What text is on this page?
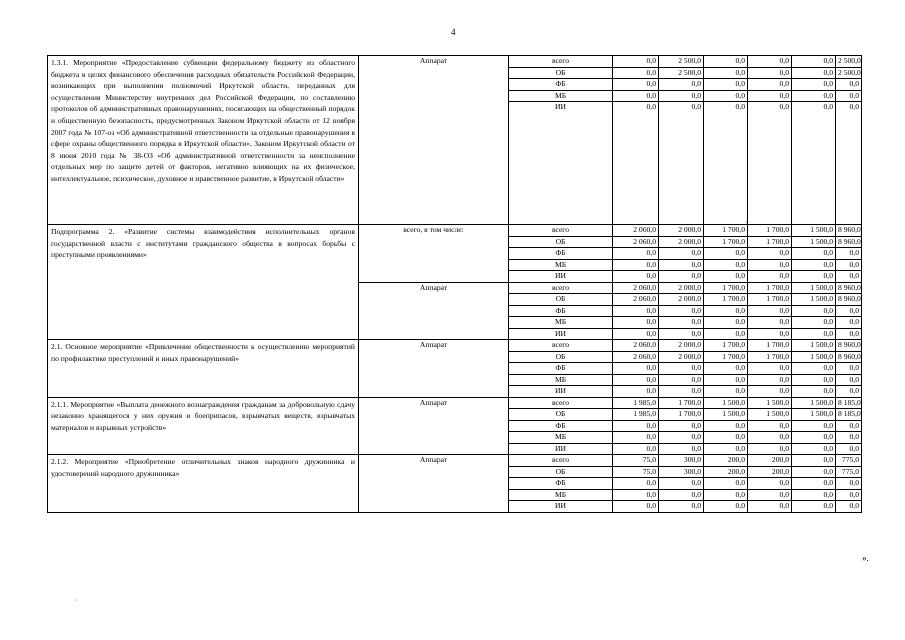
4
1.3.1. Мероприятие «Предоставление субвенции федеральному бюджету из областного бюджета в целях финансового обеспечения расходных обязательств Российской Федерации, возникающих при выполнении полномочий Иркутской области, переданных для осуществления Министерству внутренних дел Российской Федерации, по составлению протоколов об административных правонарушениях, посягающих на общественный порядок и общественную безопасность, предусмотренных Законом Иркутской области от 12 ноября 2007 года № 107-оз «Об административной ответственности за отдельные правонарушения в сфере охраны общественного порядка в Иркутской области», Законом Иркутской области от 8 июня 2010 года № 38-ОЗ «Об административной ответственности за неисполнение отдельных мер по защите детей от факторов, негативно влияющих на их физическое, интеллектуальное, психическое, духовное и нравственное развитие, в Иркутской области»	Аппарат	всего	0,0	2 500,0	0,0	0,0	0,0	2 500,0	
		ОБ	0,0	2 500,0	0,0	0,0	0,0	2 500,0	
		ФБ	0,0	0,0	0,0	0,0	0,0	0,0	
		МБ	0,0	0,0	0,0	0,0	0,0	0,0	
		ИИ	0,0	0,0	0,0	0,0	0,0	0,0	
Подпрограмма 2. «Развитие системы взаимодействия исполнительных органов государственной власти с институтами гражданского общества в вопросах борьбы с преступными проявлениями»	всего, в том числе:	всего	2 060,0	2 000,0	1 700,0	1 700,0	1 500,0	8 960,0	
		ОБ	2 060,0	2 000,0	1 700,0	1 700,0	1 500,0	8 960,0	
		ФБ	0,0	0,0	0,0	0,0	0,0	0,0	
		МБ	0,0	0,0	0,0	0,0	0,0	0,0	
		ИИ	0,0	0,0	0,0	0,0	0,0	0,0	
	Аппарат	всего	2 060,0	2 000,0	1 700,0	1 700,0	1 500,0	8 960,0	
		ОБ	2 060,0	2 000,0	1 700,0	1 700,0	1 500,0	8 960,0	
		ФБ	0,0	0,0	0,0	0,0	0,0	0,0	
		МБ	0,0	0,0	0,0	0,0	0,0	0,0	
		ИИ	0,0	0,0	0,0	0,0	0,0	0,0	
2.1. Основное мероприятие «Привлечение общественности к осуществлению мероприятий по профилактике преступлений и иных правонарушений»	Аппарат	всего	2 060,0	2 000,0	1 700,0	1 700,0	1 500,0	8 960,0	
		ОБ	2 060,0	2 000,0	1 700,0	1 700,0	1 500,0	8 960,0	
		ФБ	0,0	0,0	0,0	0,0	0,0	0,0	
		МБ	0,0	0,0	0,0	0,0	0,0	0,0	
		ИИ	0,0	0,0	0,0	0,0	0,0	0,0	
2.1.1. Мероприятие «Выплата денежного вознаграждения гражданам за добровольную сдачу незаконно хранящегося у них оружия и боеприпасов, взрывчатых веществ, взрывчатых материалов и взрывных устройств»	Аппарат	всего	1 985,0	1 700,0	1 500,0	1 500,0	1 500,0	8 185,0	
		ОБ	1 985,0	1 700,0	1 500,0	1 500,0	1 500,0	8 185,0	
		ФБ	0,0	0,0	0,0	0,0	0,0	0,0	
		МБ	0,0	0,0	0,0	0,0	0,0	0,0	
		ИИ	0,0	0,0	0,0	0,0	0,0	0,0	
2.1.2. Мероприятие «Приобретение отличительных знаков народного дружинника и удостоверений народного дружинника»	Аппарат	всего	75,0	300,0	200,0	200,0	0,0	775,0	
		ОБ	75,0	300,0	200,0	200,0	0,0	775,0	
		ФБ	0,0	0,0	0,0	0,0	0,0	0,0	
		МБ	0,0	0,0	0,0	0,0	0,0	0,0	
		ИИ	0,0	0,0	0,0	0,0	0,0	0,0	
».
·
·
